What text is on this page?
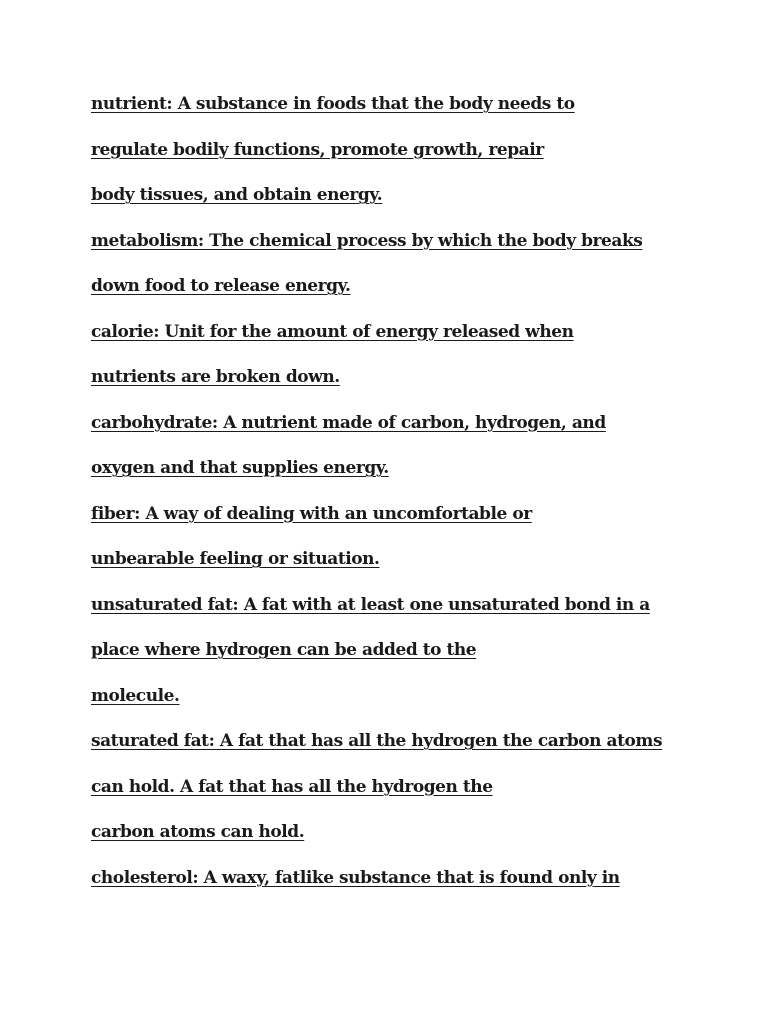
nutrient: A substance in foods that the body needs to
regulate bodily functions, promote growth, repair
body tissues, and obtain energy.
metabolism: The chemical process by which the body breaks
down food to release energy.
calorie: Unit for the amount of energy released when
nutrients are broken down.
carbohydrate: A nutrient made of carbon, hydrogen, and
oxygen and that supplies energy.
fiber: A way of dealing with an uncomfortable or
unbearable feeling or situation.
unsaturated fat: A fat with at least one unsaturated bond in a
place where hydrogen can be added to the
molecule.
saturated fat: A fat that has all the hydrogen the carbon atoms
can hold. A fat that has all the hydrogen the
carbon atoms can hold.
cholesterol: A waxy, fatlike substance that is found only in
